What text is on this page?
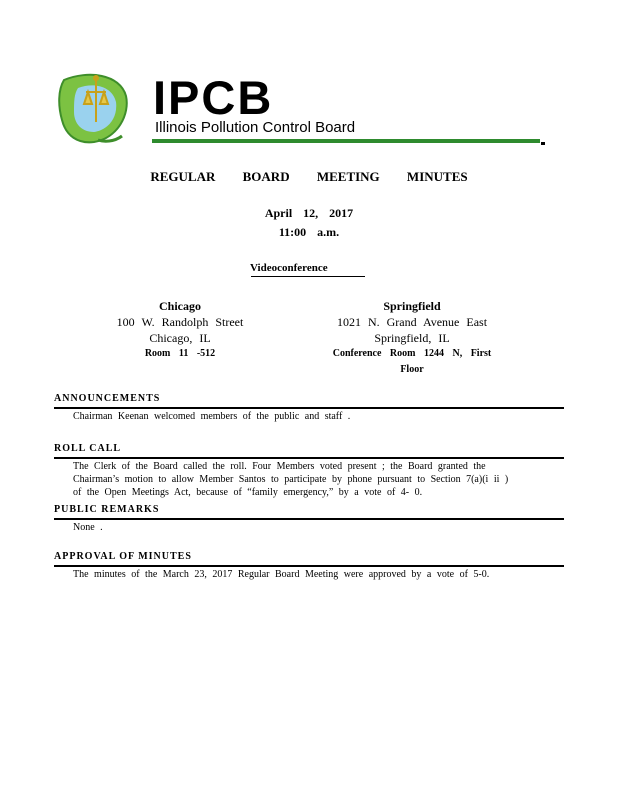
IPCB
Illinois Pollution Control Board
REGULAR BOARD MEETING MINUTES
April 12, 2017
11:00 a.m.
Videoconference
Chicago
100 W. Randolph Street
Chicago, IL
Room 11 -512
Springfield
1021 N. Grand Avenue East
Springfield, IL
Conference Room 1244 N, First
Floor
ANNOUNCEMENTS
Chairman Keenan welcomed members of the public and staff .
ROLL CALL
The Clerk of the Board called the roll. Four Members voted present ; the Board granted the
Chairman’s motion to allow Member Santos to participate by phone pursuant to Section 7(a)(i ii )
of the Open Meetings Act, because of “family emergency,” by a vote of 4- 0.
PUBLIC REMARKS
None .
APPROVAL OF MINUTES
The minutes of the March 23, 2017 Regular Board Meeting were approved by a vote of 5-0.
